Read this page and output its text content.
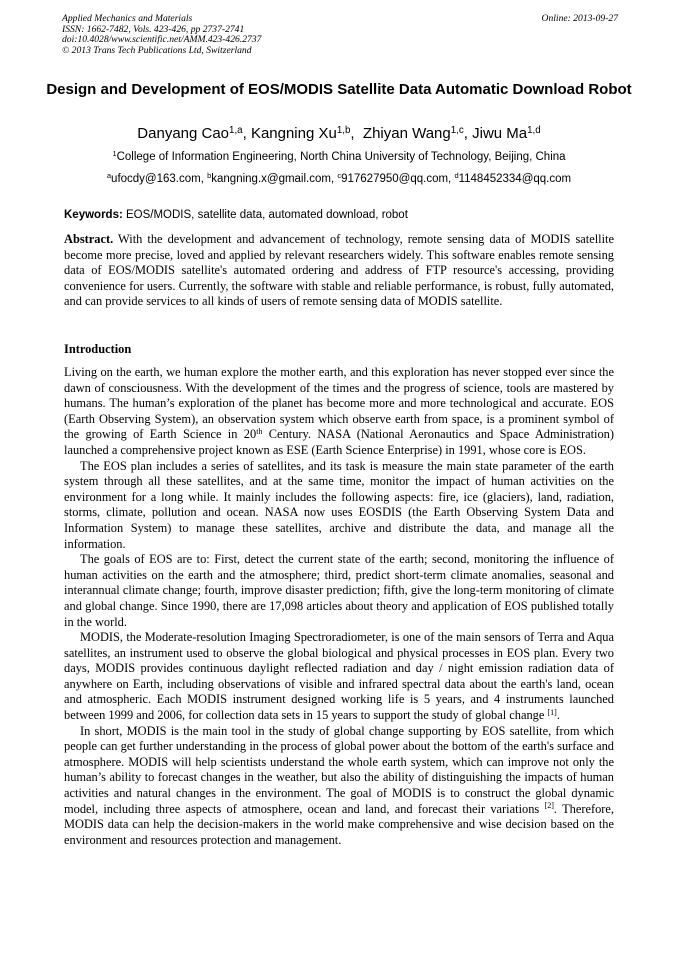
Applied Mechanics and Materials
ISSN: 1662-7482, Vols. 423-426, pp 2737-2741
doi:10.4028/www.scientific.net/AMM.423-426.2737
© 2013 Trans Tech Publications Ltd, Switzerland
Online: 2013-09-27
Design and Development of EOS/MODIS Satellite Data Automatic Download Robot
Danyang Cao$^{1,a}$, Kangning Xu$^{1,b}$,  Zhiyan Wang$^{1,c}$, Jiwu Ma$^{1,d}$
$^1$College of Information Engineering, North China University of Technology, Beijing, China
$^a$ufocdy@163.com, $^b$kangning.x@gmail.com, $^c$917627950@qq.com, $^d$1148452334@qq.com
Keywords: EOS/MODIS, satellite data, automated download, robot
Abstract. With the development and advancement of technology, remote sensing data of MODIS satellite become more precise, loved and applied by relevant researchers widely. This software enables remote sensing data of EOS/MODIS satellite's automated ordering and address of FTP resource's accessing, providing convenience for users. Currently, the software with stable and reliable performance, is robust, fully automated, and can provide services to all kinds of users of remote sensing data of MODIS satellite.
Introduction

Living on the earth, we human explore the mother earth, and this exploration has never stopped ever since the dawn of consciousness. With the development of the times and the progress of science, tools are mastered by humans. The human’s exploration of the planet has become more and more technological and accurate. EOS (Earth Observing System), an observation system which observe earth from space, is a prominent symbol of the growing of Earth Science in 20th Century. NASA (National Aeronautics and Space Administration) launched a comprehensive project known as ESE (Earth Science Enterprise) in 1991, whose core is EOS.

The EOS plan includes a series of satellites, and its task is measure the main state parameter of the earth system through all these satellites, and at the same time, monitor the impact of human activities on the environment for a long while. It mainly includes the following aspects: fire, ice (glaciers), land, radiation, storms, climate, pollution and ocean. NASA now uses EOSDIS (the Earth Observing System Data and Information System) to manage these satellites, archive and distribute the data, and manage all the information.

The goals of EOS are to: First, detect the current state of the earth; second, monitoring the influence of human activities on the earth and the atmosphere; third, predict short-term climate anomalies, seasonal and interannual climate change; fourth, improve disaster prediction; fifth, give the long-term monitoring of climate and global change. Since 1990, there are 17,098 articles about theory and application of EOS published totally in the world.

MODIS, the Moderate-resolution Imaging Spectroradiometer, is one of the main sensors of Terra and Aqua satellites, an instrument used to observe the global biological and physical processes in EOS plan. Every two days, MODIS provides continuous daylight reflected radiation and day / night emission radiation data of anywhere on Earth, including observations of visible and infrared spectral data about the earth's land, ocean and atmospheric. Each MODIS instrument designed working life is 5 years, and 4 instruments launched between 1999 and 2006, for collection data sets in 15 years to support the study of global change [1].

In short, MODIS is the main tool in the study of global change supporting by EOS satellite, from which people can get further understanding in the process of global power about the bottom of the earth's surface and atmosphere. MODIS will help scientists understand the whole earth system, which can improve not only the human’s ability to forecast changes in the weather, but also the ability of distinguishing the impacts of human activities and natural changes in the environment. The goal of MODIS is to construct the global dynamic model, including three aspects of atmosphere, ocean and land, and forecast their variations [2]. Therefore, MODIS data can help the decision-makers in the world make comprehensive and wise decision based on the environment and resources protection and management.
